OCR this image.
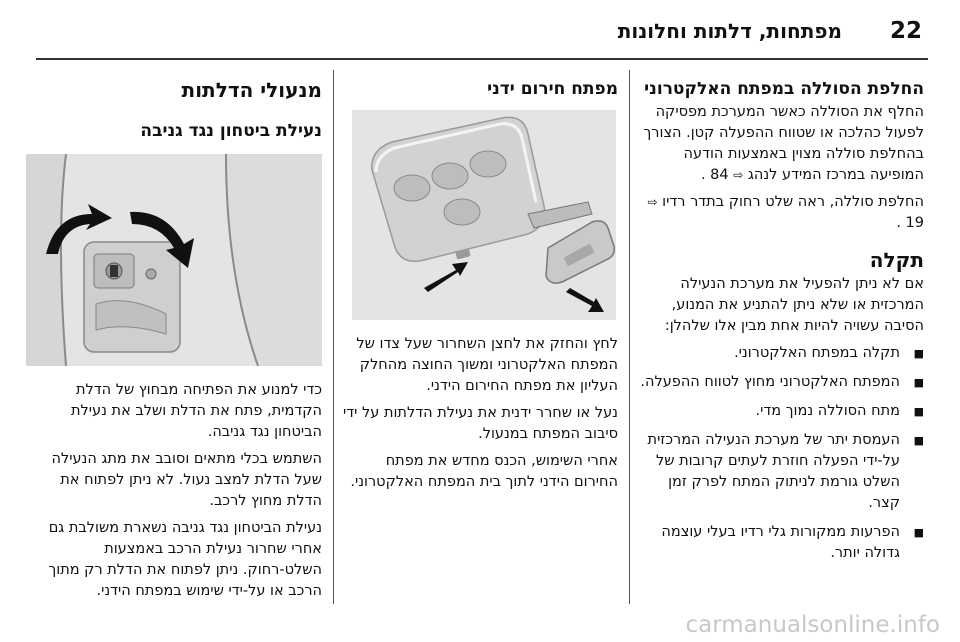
22
מפתחות, דלתות וחלונות
החלפת הסוללה במפתח האלקטרוני

החלף את הסוללה כאשר המערכת מפסיקה לפעול כהלכה או שטווח ההפעלה קטן. הצורך בהחלפת סוללה מצוין באמצעות הודעה המופיעה במרכז המידע לנהג ⇨ 84 .

החלפת סוללה, ראה שלט רחוק בתדר רדיו ⇨ 19 .

תקלה

אם לא ניתן להפעיל את מערכת הנעילה המרכזית או שלא ניתן להתניע את המנוע, הסיבה עשויה להיות אחת מבין אלו שלהלן:

■
תקלה במפתח האלקטרוני.
■
המפתח האלקטרוני מחוץ לטווח ההפעלה.
■
מתח הסוללה נמוך מדי.
■
העמסת יתר של מערכת הנעילה המרכזית על-ידי הפעלה חוזרת לעתים קרובות של השלט גורמת לניתוק המתח לפרק זמן קצר.
■
הפרעות ממקורות גלי רדיו בעלי עוצמה גדולה יותר.
מפתח חירום ידני

לחץ והחזק את לחצן השחרור שעל צדו של המפתח האלקטרוני ומשוך החוצה מהחלק העליון את מפתח החירום הידני.

נעל או שחרר ידנית את נעילת הדלתות על ידי סיבוב המפתח במנעול.

אחרי השימוש, הכנס מחדש את מפתח החירום הידני לתוך בית המפתח האלקטרוני.

מנעולי הדלתות
נעילת ביטחון נגד גניבה

כדי למנוע את הפתיחה מבחוץ של הדלת הקדמית, פתח את הדלת ושלב את נעילת הביטחון נגד גניבה.

השתמש בכלי מתאים וסובב את מתג הנעילה שעל הדלת למצב נעול. לא ניתן לפתוח את הדלת מחוץ לרכב.

נעילת הביטחון נגד גניבה נשארת משולבת גם אחרי שחרור נעילת הרכב באמצעות השלט-רחוק. ניתן לפתוח את הדלת רק מתוך הרכב או על-ידי שימוש במפתח הידני.

carmanualsonline.info
